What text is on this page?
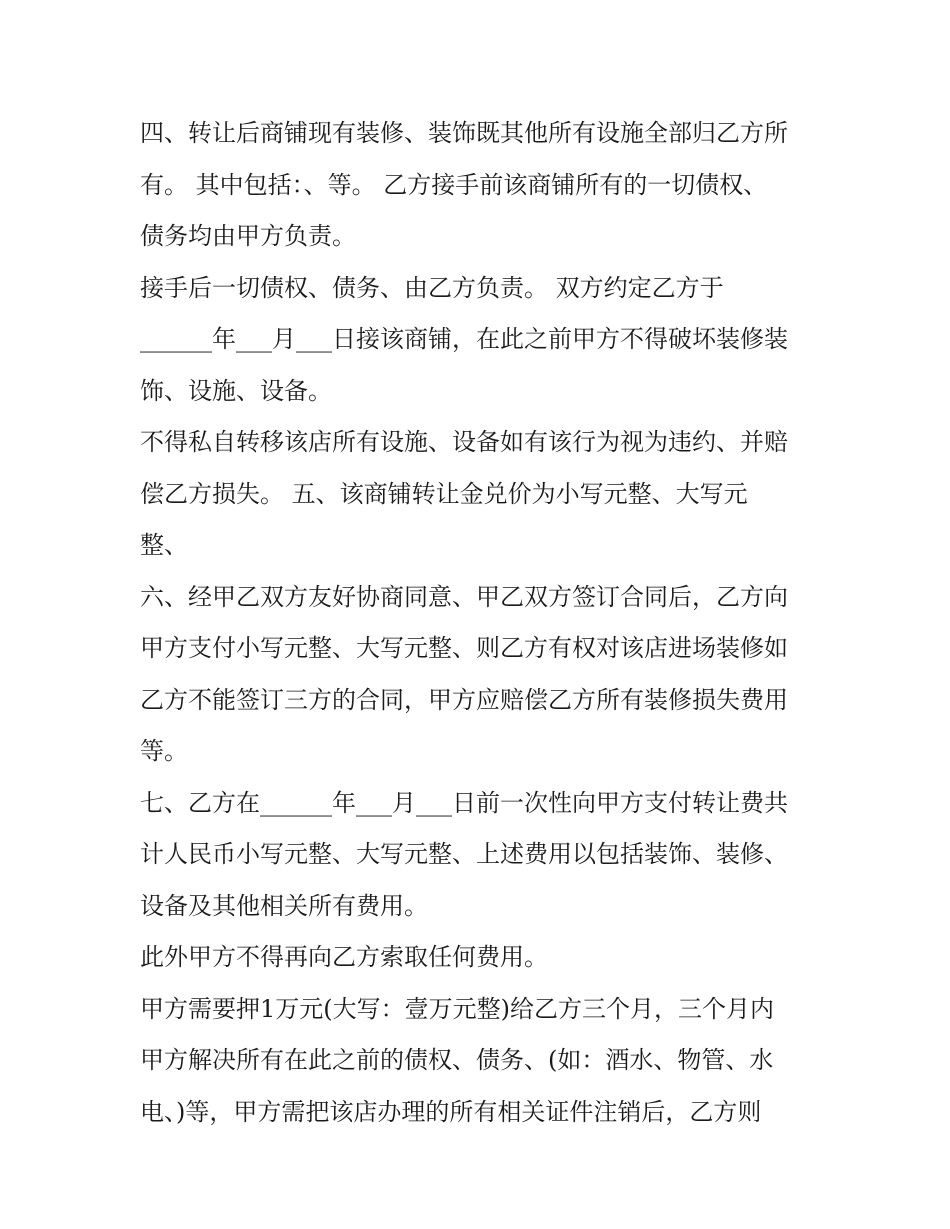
四、转让后商铺现有装修、装饰既其他所有设施全部归乙方所
有。 其中包括：、等。 乙方接手前该商铺所有的一切债权、
债务均由甲方负责。
接手后一切债权、债务、由乙方负责。 双方约定乙方于
______年___月___日接该商铺，在此之前甲方不得破坏装修装
饰、设施、设备。
不得私自转移该店所有设施、设备如有该行为视为违约、并赔
偿乙方损失。 五、该商铺转让金兑价为小写元整、大写元
整、
六、经甲乙双方友好协商同意、甲乙双方签订合同后，乙方向
甲方支付小写元整、大写元整、则乙方有权对该店进场装修如
乙方不能签订三方的合同，甲方应赔偿乙方所有装修损失费用
等。
七、乙方在______年___月___日前一次性向甲方支付转让费共
计人民币小写元整、大写元整、上述费用以包括装饰、装修、
设备及其他相关所有费用。
此外甲方不得再向乙方索取任何费用。
甲方需要押1万元(大写：壹万元整)给乙方三个月，三个月内
甲方解决所有在此之前的债权、债务、(如：酒水、物管、水
电、)等，甲方需把该店办理的所有相关证件注销后，乙方则
